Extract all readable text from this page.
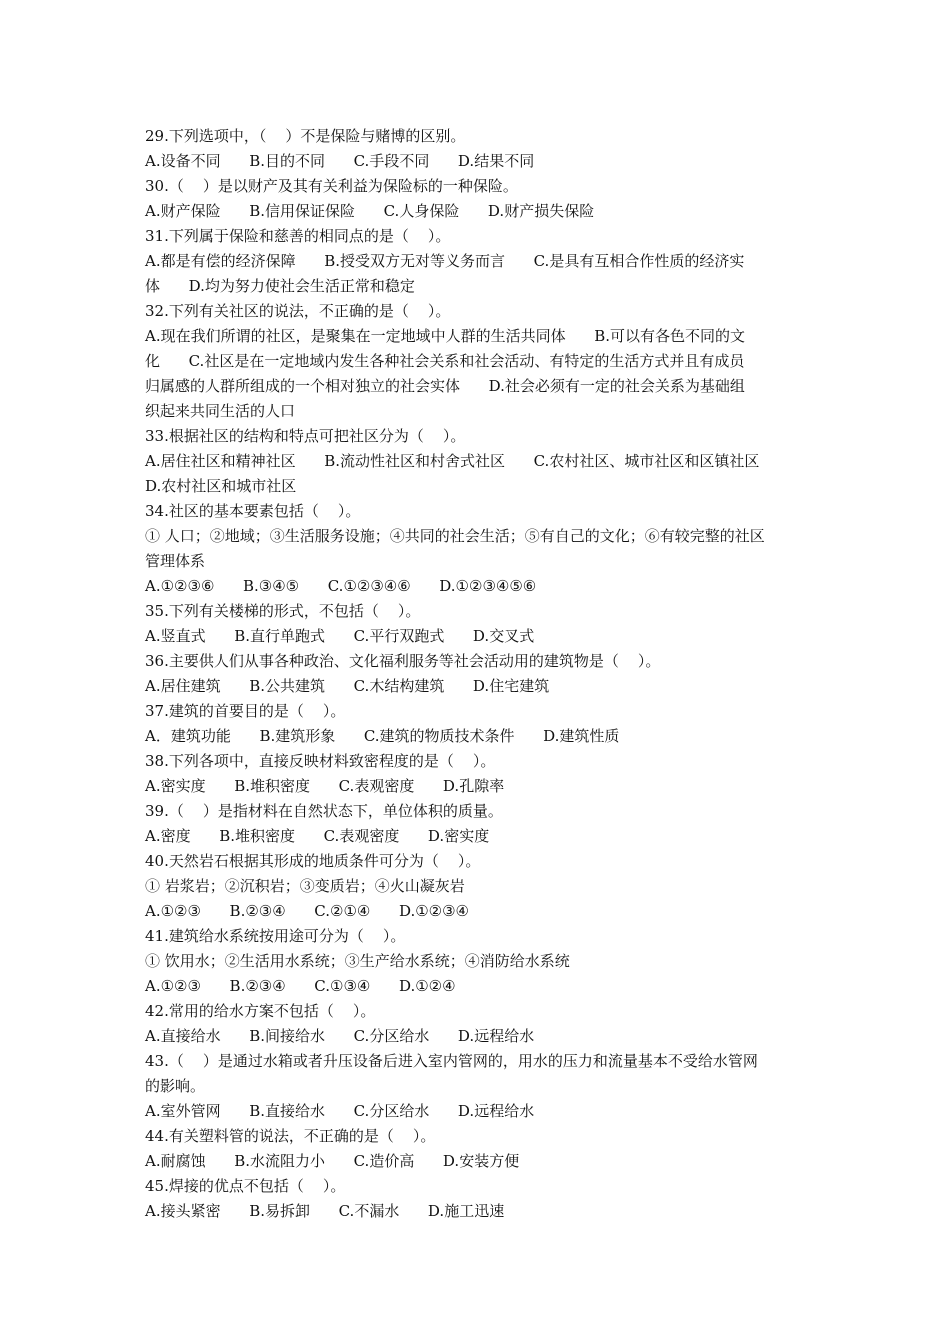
29.下列选项中，（    ）不是保险与赌博的区别。
A.设备不同      B.目的不同      C.手段不同      D.结果不同
30.（    ）是以财产及其有关利益为保险标的一种保险。
A.财产保险      B.信用保证保险      C.人身保险      D.财产损失保险
31.下列属于保险和慈善的相同点的是（    ）。
A.都是有偿的经济保障      B.授受双方无对等义务而言      C.是具有互相合作性质的经济实
体      D.均为努力使社会生活正常和稳定
32.下列有关社区的说法，不正确的是（    ）。
A.现在我们所谓的社区，是聚集在一定地域中人群的生活共同体      B.可以有各色不同的文
化      C.社区是在一定地域内发生各种社会关系和社会活动、有特定的生活方式并且有成员
归属感的人群所组成的一个相对独立的社会实体      D.社会必须有一定的社会关系为基础组
织起来共同生活的人口
33.根据社区的结构和特点可把社区分为（    ）。
A.居住社区和精神社区      B.流动性社区和村舍式社区      C.农村社区、城市社区和区镇社区
D.农村社区和城市社区
34.社区的基本要素包括（    ）。
① 人口；②地域；③生活服务设施；④共同的社会生活；⑤有自己的文化；⑥有较完整的社区
管理体系
A.①②③⑥      B.③④⑤      C.①②③④⑥      D.①②③④⑤⑥
35.下列有关楼梯的形式，不包括（    ）。
A.竖直式      B.直行单跑式      C.平行双跑式      D.交叉式
36.主要供人们从事各种政治、文化福利服务等社会活动用的建筑物是（    ）。
A.居住建筑      B.公共建筑      C.木结构建筑      D.住宅建筑
37.建筑的首要目的是（    ）。
A．建筑功能      B.建筑形象      C.建筑的物质技术条件      D.建筑性质
38.下列各项中，直接反映材料致密程度的是（    ）。
A.密实度      B.堆积密度      C.表观密度      D.孔隙率
39.（    ）是指材料在自然状态下，单位体积的质量。
A.密度      B.堆积密度      C.表观密度      D.密实度
40.天然岩石根据其形成的地质条件可分为（    ）。
① 岩浆岩；②沉积岩；③变质岩；④火山凝灰岩
A.①②③      B.②③④      C.②①④      D.①②③④
41.建筑给水系统按用途可分为（    ）。
① 饮用水；②生活用水系统；③生产给水系统；④消防给水系统
A.①②③      B.②③④      C.①③④      D.①②④
42.常用的给水方案不包括（    ）。
A.直接给水      B.间接给水      C.分区给水      D.远程给水
43.（    ）是通过水箱或者升压设备后进入室内管网的，用水的压力和流量基本不受给水管网
的影响。
A.室外管网      B.直接给水      C.分区给水      D.远程给水
44.有关塑料管的说法，不正确的是（    ）。
A.耐腐蚀      B.水流阻力小      C.造价高      D.安装方便
45.焊接的优点不包括（    ）。
A.接头紧密      B.易拆卸      C.不漏水      D.施工迅速
